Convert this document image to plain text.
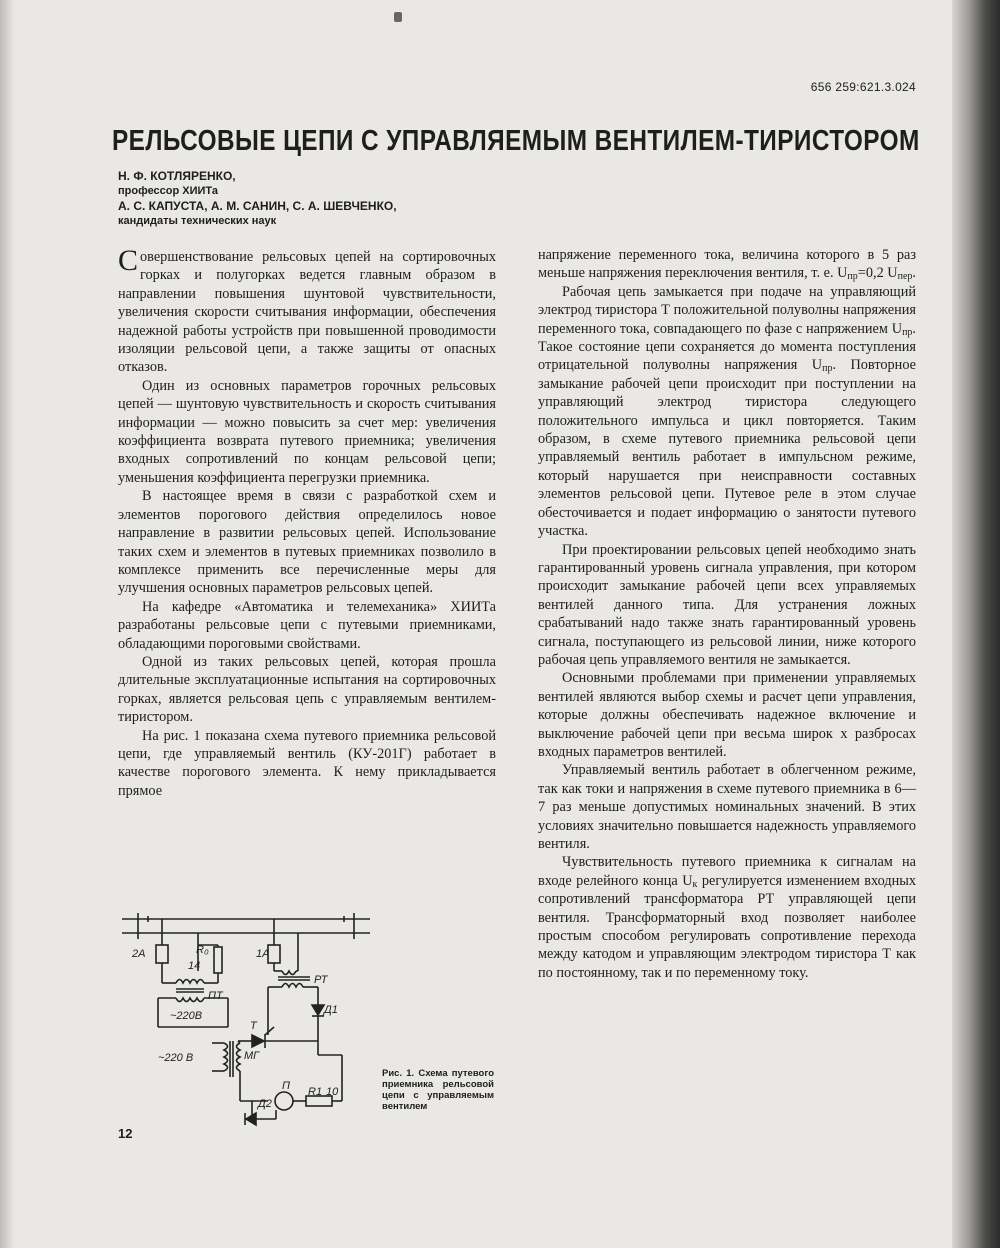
656 259:621.3.024
РЕЛЬСОВЫЕ ЦЕПИ С УПРАВЛЯЕМЫМ ВЕНТИЛЕМ-ТИРИСТОРОМ
Н. Ф. КОТЛЯРЕНКО,
профессор ХИИТа
А. С. КАПУСТА, А. М. САНИН, С. А. ШЕВЧЕНКО,
кандидаты технических наук

Совершенствование рельсовых цепей на сортировочных горках и полугорках ведется главным образом в направлении повышения шунтовой чувствительности, увеличения скорости считывания информации, обеспечения надежной работы устройств при повышенной проводимости изоляции рельсовой цепи, а также защиты от опасных отказов.

Один из основных параметров горочных рельсовых цепей — шунтовую чувствительность и скорость считывания информации — можно повысить за счет мер: увеличения коэффициента возврата путевого приемника; увеличения входных сопротивлений по концам рельсовой цепи; уменьшения коэффициента перегрузки приемника.

В настоящее время в связи с разработкой схем и элементов порогового действия определилось новое направление в развитии рельсовых цепей. Использование таких схем и элементов в путевых приемниках позволило в комплексе применить все перечисленные меры для улучшения основных параметров рельсовых цепей.

На кафедре «Автоматика и телемеханика» ХИИТа разработаны рельсовые цепи с путевыми приемниками, обладающими пороговыми свойствами.

Одной из таких рельсовых цепей, которая прошла длительные эксплуатационные испытания на сортировочных горках, является рельсовая цепь с управляемым вентилем-тиристором.

На рис. 1 показана схема путевого приемника рельсовой цепи, где управляемый вентиль (КУ-201Г) работает в качестве порогового элемента. К нему прикладывается прямое

напряжение переменного тока, величина которого в 5 раз меньше напряжения переключения вентиля, т. е. $U_{пр}=0,2$ $U_{пер}$.

Рабочая цепь замыкается при подаче на управляющий электрод тиристора Т положительной полуволны напряжения переменного тока, совпадающего по фазе с напряжением $U_{пр}$. Такое состояние цепи сохраняется до момента поступления отрицательной полуволны напряжения $U_{пр}$. Повторное замыкание рабочей цепи происходит при поступлении на управляющий электрод тиристора следующего положительного импульса и цикл повторяется. Таким образом, в схеме путевого приемника рельсовой цепи управляемый вентиль работает в импульсном режиме, который нарушается при неисправности составных элементов рельсовой цепи. Путевое реле в этом случае обесточивается и подает информацию о занятости путевого участка.

При проектировании рельсовых цепей необходимо знать гарантированный уровень сигнала управления, при котором происходит замыкание рабочей цепи всех управляемых вентилей данного типа. Для устранения ложных срабатываний надо также знать гарантированный уровень сигнала, поступающего из рельсовой линии, ниже которого рабочая цепь управляемого вентиля не замыкается.

Основными проблемами при применении управляемых вентилей являются выбор схемы и расчет цепи управления, которые должны обеспечивать надежное включение и выключение рабочей цепи при весьма широк х разбросах входных параметров вентилей.

Управляемый вентиль работает в облегченном режиме, так как токи и напряжения в схеме путевого приемника в 6—7 раз меньше допустимых номинальных значений. В этих условиях значительно повышается надежность управляемого вентиля.

Чувствительность путевого приемника к сигналам на входе релейного конца $U_к$ регулируется изменением входных сопротивлений трансформатора РТ управляющей цепи вентиля. Трансформаторный вход позволяет наиболее простым способом регулировать сопротивление перехода между катодом и управляющим электродом тиристора Т как по постоянному, так и по переменному току.

2А	R₀
14
1А
ПТ
РТ
~220В
~220 В
Т
Д1
МГ
П
Д2
R1 10
Рис. 1. Схема путевого приемника рельсовой цепи с управляемым вентилем
12
